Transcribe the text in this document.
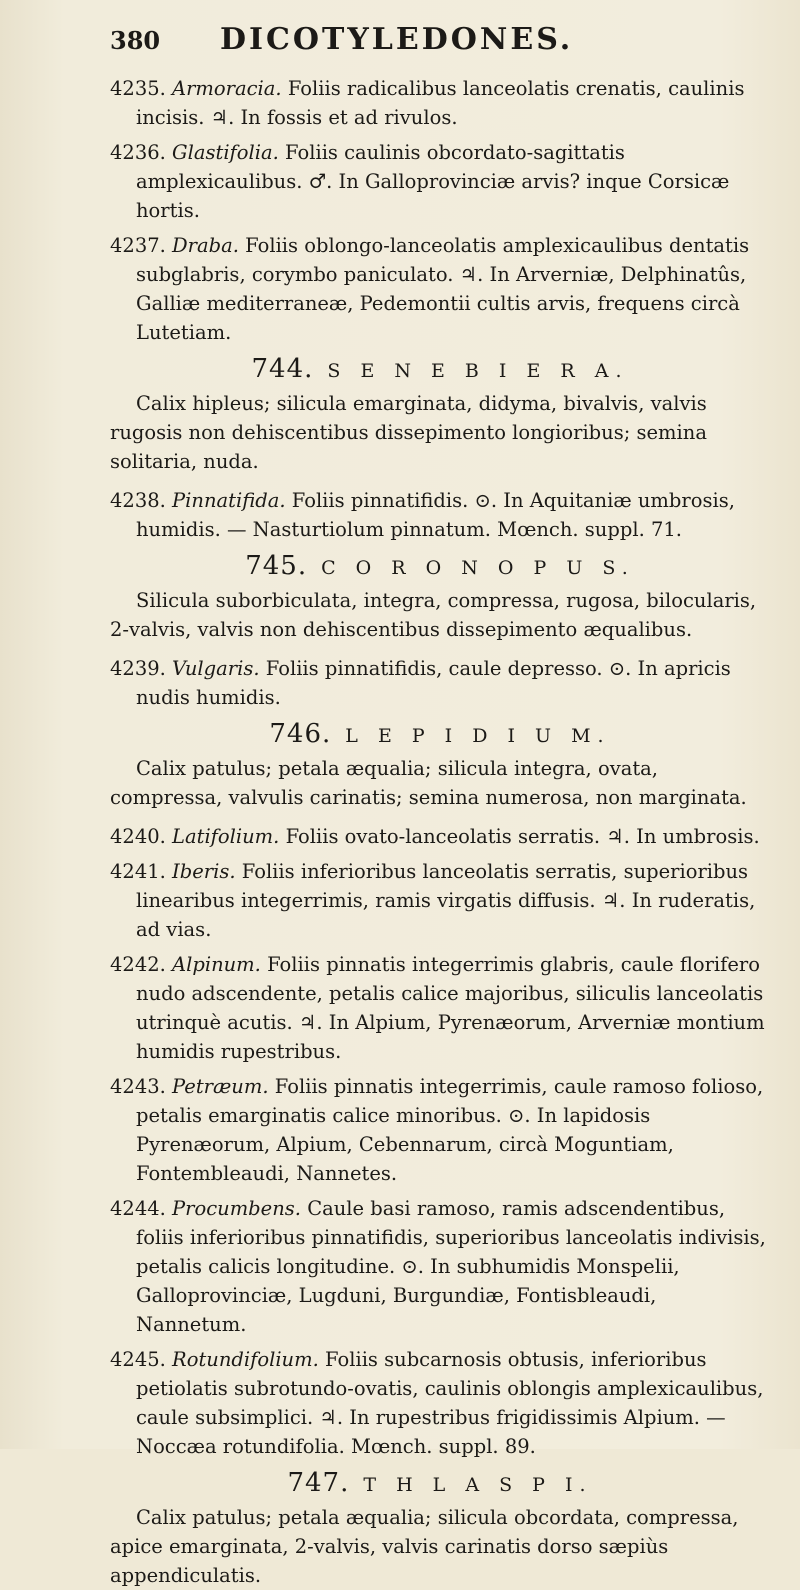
380	DICOTYLEDONES.

4235. Armoracia. Foliis radicalibus lanceolatis crenatis, caulinis incisis. ♃. In fossis et ad rivulos.

4236. Glastifolia. Foliis caulinis obcordato-sagittatis amplexicaulibus. ♂. In Galloprovinciæ arvis? inque Corsicæ hortis.

4237. Draba. Foliis oblongo-lanceolatis amplexicaulibus dentatis subglabris, corymbo paniculato. ♃. In Arverniæ, Delphinatûs, Galliæ mediterraneæ, Pedemontii cultis arvis, frequens circà Lutetiam.

744. S E N E B I E R A.

Calix hipleus; silicula emarginata, didyma, bivalvis, valvis rugosis non dehiscentibus dissepimento longioribus; semina solitaria, nuda.

4238. Pinnatifida. Foliis pinnatifidis. ⊙. In Aquitaniæ umbrosis, humidis. — Nasturtiolum pinnatum. Mœnch. suppl. 71.

745. C O R O N O P U S.

Silicula suborbiculata, integra, compressa, rugosa, bilocularis, 2-valvis, valvis non dehiscentibus dissepimento æqualibus.

4239. Vulgaris. Foliis pinnatifidis, caule depresso. ⊙. In apricis nudis humidis.

746. L E P I D I U M.

Calix patulus; petala æqualia; silicula integra, ovata, compressa, valvulis carinatis; semina numerosa, non marginata.

4240. Latifolium. Foliis ovato-lanceolatis serratis. ♃. In umbrosis.

4241. Iberis. Foliis inferioribus lanceolatis serratis, superioribus linearibus integerrimis, ramis virgatis diffusis. ♃. In ruderatis, ad vias.

4242. Alpinum. Foliis pinnatis integerrimis glabris, caule florifero nudo adscendente, petalis calice majoribus, siliculis lanceolatis utrinquè acutis. ♃. In Alpium, Pyrenæorum, Arverniæ montium humidis rupestribus.

4243. Petræum. Foliis pinnatis integerrimis, caule ramoso folioso, petalis emarginatis calice minoribus. ⊙. In lapidosis Pyrenæorum, Alpium, Cebennarum, circà Moguntiam, Fontembleaudi, Nannetes.

4244. Procumbens. Caule basi ramoso, ramis adscendentibus, foliis inferioribus pinnatifidis, superioribus lanceolatis indivisis, petalis calicis longitudine. ⊙. In subhumidis Monspelii, Galloprovinciæ, Lugduni, Burgundiæ, Fontisbleaudi, Nannetum.

4245. Rotundifolium. Foliis subcarnosis obtusis, inferioribus petiolatis subrotundo-ovatis, caulinis oblongis amplexicaulibus, caule subsimplici. ♃. In rupestribus frigidissimis Alpium. — Noccæa rotundifolia. Mœnch. suppl. 89.

747. T H L A S P I.

Calix patulus; petala æqualia; silicula obcordata, compressa, apice emarginata, 2-valvis, valvis carinatis dorso sæpiùs appendiculatis.
